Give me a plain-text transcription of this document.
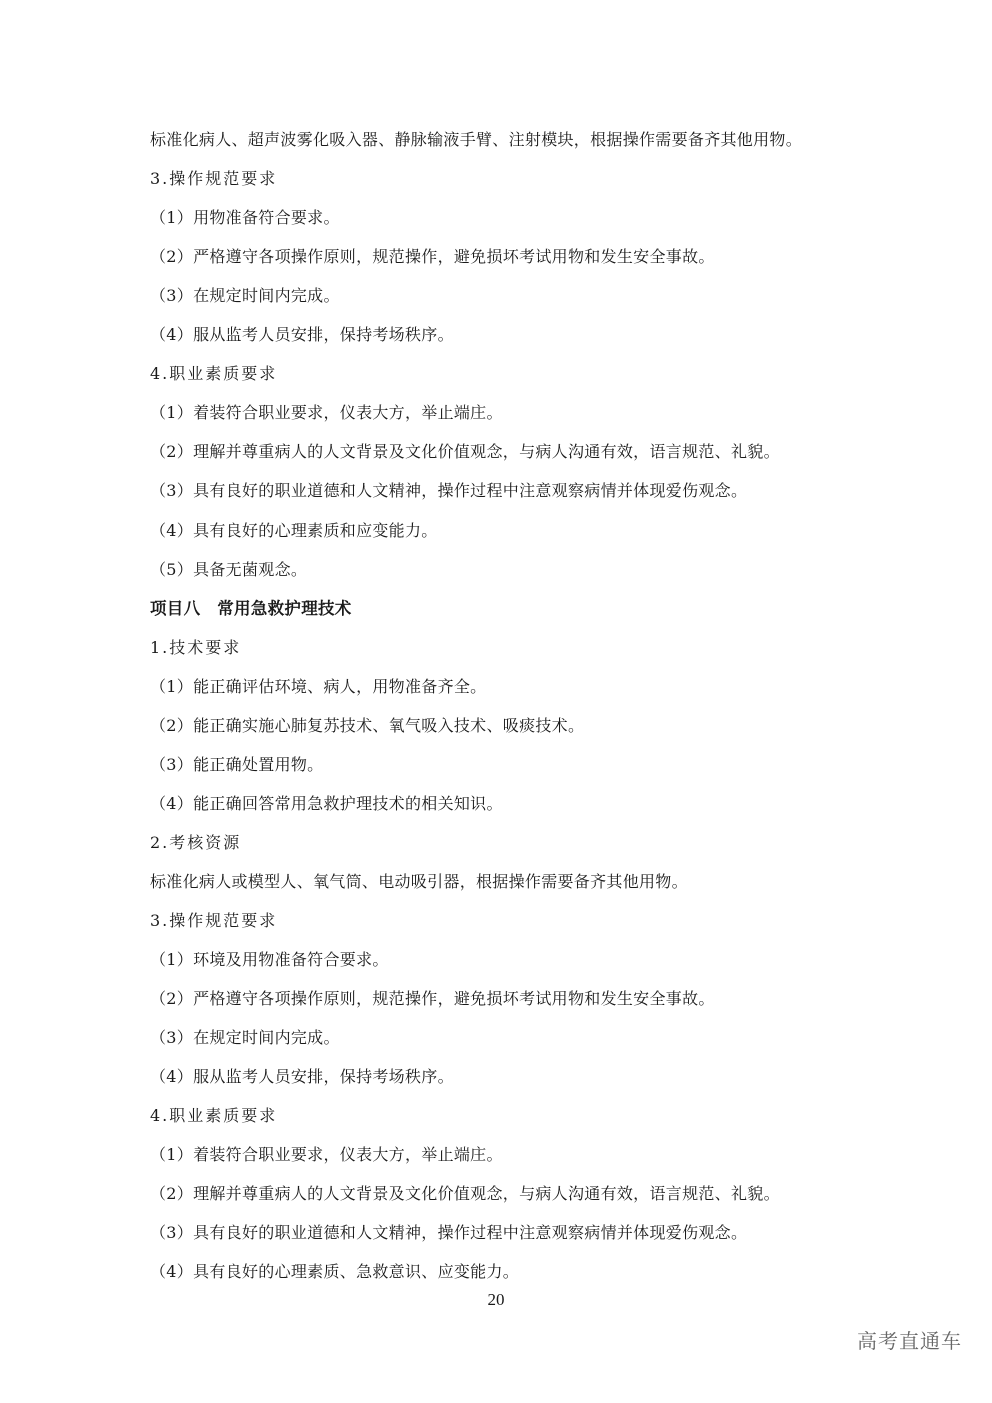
标准化病人、超声波雾化吸入器、静脉输液手臂、注射模块，根据操作需要备齐其他用物。
3.操作规范要求
（1）用物准备符合要求。
（2）严格遵守各项操作原则，规范操作，避免损坏考试用物和发生安全事故。
（3）在规定时间内完成。
（4）服从监考人员安排，保持考场秩序。
4.职业素质要求
（1）着装符合职业要求，仪表大方，举止端庄。
（2）理解并尊重病人的人文背景及文化价值观念，与病人沟通有效，语言规范、礼貌。
（3）具有良好的职业道德和人文精神，操作过程中注意观察病情并体现爱伤观念。
（4）具有良好的心理素质和应变能力。
（5）具备无菌观念。
项目八　常用急救护理技术
1.技术要求
（1）能正确评估环境、病人，用物准备齐全。
（2）能正确实施心肺复苏技术、氧气吸入技术、吸痰技术。
（3）能正确处置用物。
（4）能正确回答常用急救护理技术的相关知识。
2.考核资源
标准化病人或模型人、氧气筒、电动吸引器，根据操作需要备齐其他用物。
3.操作规范要求
（1）环境及用物准备符合要求。
（2）严格遵守各项操作原则，规范操作，避免损坏考试用物和发生安全事故。
（3）在规定时间内完成。
（4）服从监考人员安排，保持考场秩序。
4.职业素质要求
（1）着装符合职业要求，仪表大方，举止端庄。
（2）理解并尊重病人的人文背景及文化价值观念，与病人沟通有效，语言规范、礼貌。
（3）具有良好的职业道德和人文精神，操作过程中注意观察病情并体现爱伤观念。
（4）具有良好的心理素质、急救意识、应变能力。
20
高考直通车
